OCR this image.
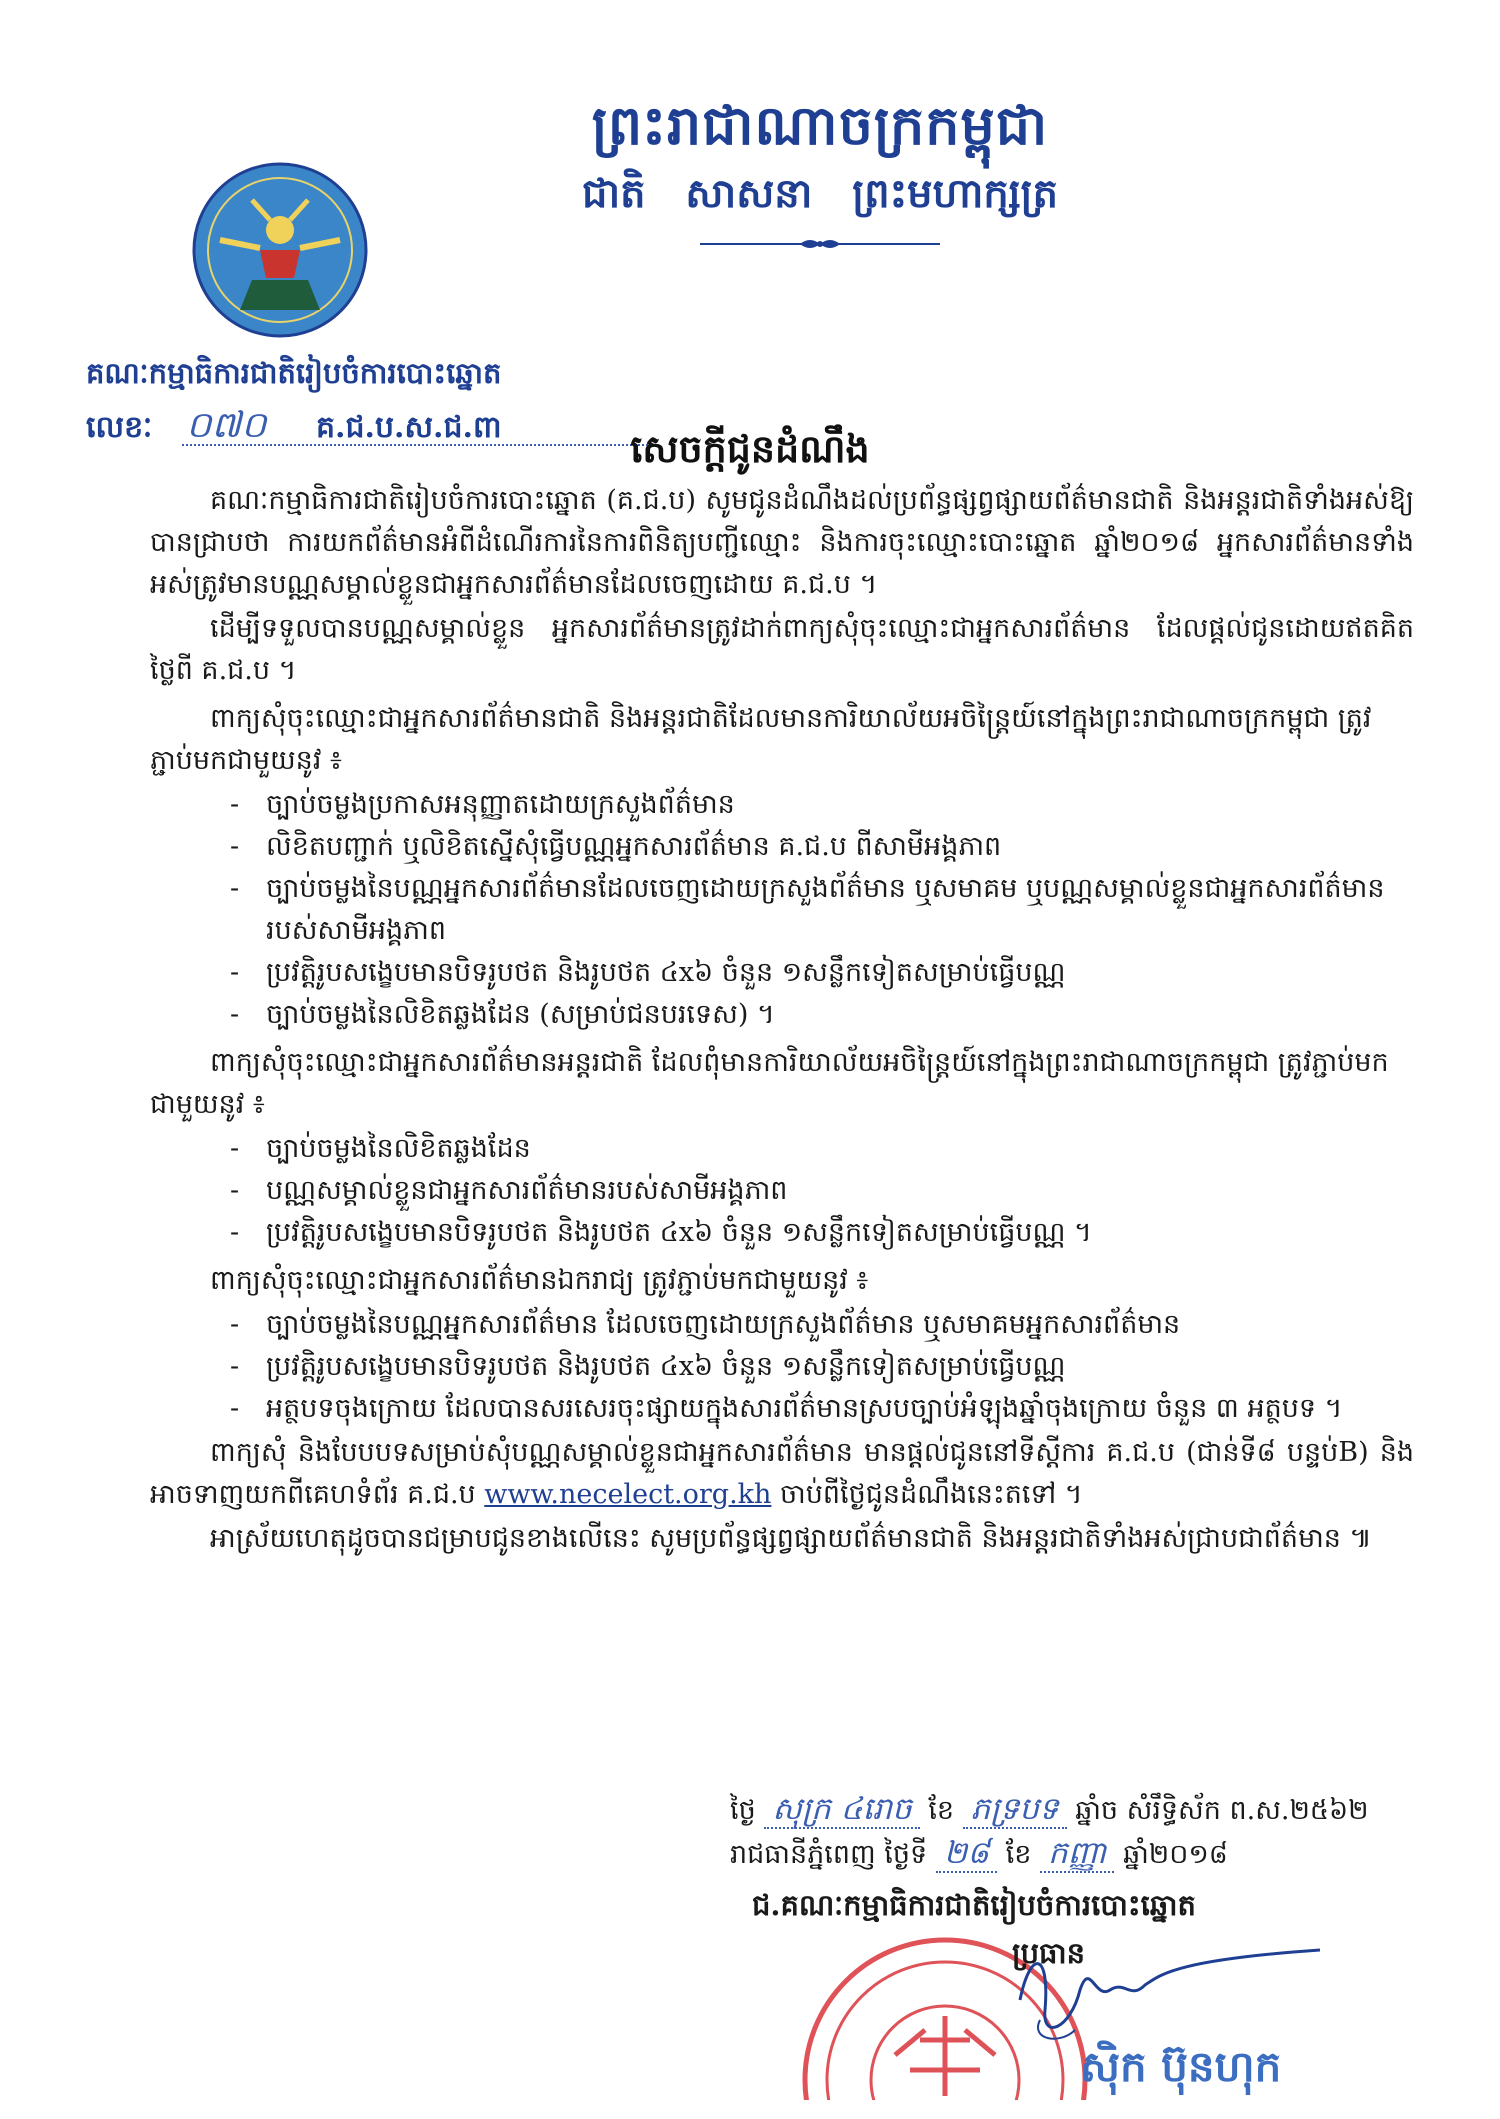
ព្រះរាជាណាចក្រកម្ពុជា
ជាតិ សាសនា ព្រះមហាក្សត្រ
គណៈកម្មាធិការជាតិរៀបចំការបោះឆ្នោត
លេខៈ ០៧០ គ.ជ.ប.ស.ជ.ពា	សេចក្តីជូនដំណឹង

គណៈកម្មាធិការជាតិរៀបចំការបោះឆ្នោត (គ.ជ.ប) សូមជូនដំណឹងដល់ប្រព័ន្ធផ្សព្វផ្សាយព័ត៌មានជាតិ និងអន្តរជាតិទាំងអស់ឱ្យបានជ្រាបថា ការយកព័ត៌មានអំពីដំណើរការនៃការពិនិត្យបញ្ជីឈ្មោះ និងការចុះឈ្មោះបោះឆ្នោត ឆ្នាំ២០១៨ អ្នកសារព័ត៌មានទាំងអស់ត្រូវមានបណ្ណសម្គាល់ខ្លួនជាអ្នកសារព័ត៌មានដែលចេញដោយ គ.ជ.ប ។

ដើម្បីទទួលបានបណ្ណសម្គាល់ខ្លួន អ្នកសារព័ត៌មានត្រូវដាក់ពាក្យសុំចុះឈ្មោះជាអ្នកសារព័ត៌មាន ដែលផ្តល់ជូនដោយឥតគិតថ្លៃពី គ.ជ.ប ។

ពាក្យសុំចុះឈ្មោះជាអ្នកសារព័ត៌មានជាតិ និងអន្តរជាតិដែលមានការិយាល័យអចិន្ត្រៃយ៍នៅក្នុងព្រះរាជាណាចក្រកម្ពុជា ត្រូវភ្ជាប់មកជាមួយនូវ ៖

- ច្បាប់ចម្លងប្រកាសអនុញ្ញាតដោយក្រសួងព័ត៌មាន
- លិខិតបញ្ជាក់ ឬលិខិតស្នើសុំធ្វើបណ្ណអ្នកសារព័ត៌មាន គ.ជ.ប ពីសាមីអង្គភាព
- ច្បាប់ចម្លងនៃបណ្ណអ្នកសារព័ត៌មានដែលចេញដោយក្រសួងព័ត៌មាន ឬសមាគម ឬបណ្ណសម្គាល់ខ្លួនជាអ្នកសារព័ត៌មានរបស់សាមីអង្គភាព
- ប្រវត្តិរូបសង្ខេបមានបិទរូបថត និងរូបថត ៤x៦ ចំនួន ១សន្លឹកទៀតសម្រាប់ធ្វើបណ្ណ
- ច្បាប់ចម្លងនៃលិខិតឆ្លងដែន (សម្រាប់ជនបរទេស) ។

ពាក្យសុំចុះឈ្មោះជាអ្នកសារព័ត៌មានអន្តរជាតិ ដែលពុំមានការិយាល័យអចិន្ត្រៃយ៍នៅក្នុងព្រះរាជាណាចក្រកម្ពុជា ត្រូវភ្ជាប់មកជាមួយនូវ ៖

- ច្បាប់ចម្លងនៃលិខិតឆ្លងដែន
- បណ្ណសម្គាល់ខ្លួនជាអ្នកសារព័ត៌មានរបស់សាមីអង្គភាព
- ប្រវត្តិរូបសង្ខេបមានបិទរូបថត និងរូបថត ៤x៦ ចំនួន ១សន្លឹកទៀតសម្រាប់ធ្វើបណ្ណ ។

ពាក្យសុំចុះឈ្មោះជាអ្នកសារព័ត៌មានឯករាជ្យ ត្រូវភ្ជាប់មកជាមួយនូវ ៖

- ច្បាប់ចម្លងនៃបណ្ណអ្នកសារព័ត៌មាន ដែលចេញដោយក្រសួងព័ត៌មាន ឬសមាគមអ្នកសារព័ត៌មាន
- ប្រវត្តិរូបសង្ខេបមានបិទរូបថត និងរូបថត ៤x៦ ចំនួន ១សន្លឹកទៀតសម្រាប់ធ្វើបណ្ណ
- អត្ថបទចុងក្រោយ ដែលបានសរសេរចុះផ្សាយក្នុងសារព័ត៌មានស្របច្បាប់អំឡុងឆ្នាំចុងក្រោយ ចំនួន ៣ អត្ថបទ ។

ពាក្យសុំ និងបែបបទសម្រាប់សុំបណ្ណសម្គាល់ខ្លួនជាអ្នកសារព័ត៌មាន មានផ្តល់ជូននៅទីស្តីការ គ.ជ.ប (ជាន់ទី៨ បន្ទប់B) និងអាចទាញយកពីគេហទំព័រ គ.ជ.ប www.necelect.org.kh ចាប់ពីថ្ងៃជូនដំណឹងនេះតទៅ ។

អាស្រ័យហេតុដូចបានជម្រាបជូនខាងលើនេះ សូមប្រព័ន្ធផ្សព្វផ្សាយព័ត៌មានជាតិ និងអន្តរជាតិទាំងអស់ជ្រាបជាព័ត៌មាន ៕

ថ្ងៃ សុក្រ ៤រោច ខែ ភទ្របទ ឆ្នាំច សំរឹទ្ធិស័ក ព.ស.២៥៦២
រាជធានីភ្នំពេញ ថ្ងៃទី ២៨ ខែ កញ្ញា ឆ្នាំ២០១៨
ជ.គណៈកម្មាធិការជាតិរៀបចំការបោះឆ្នោត
ប្រធាន
ស៊ិក ប៊ុនហុក
